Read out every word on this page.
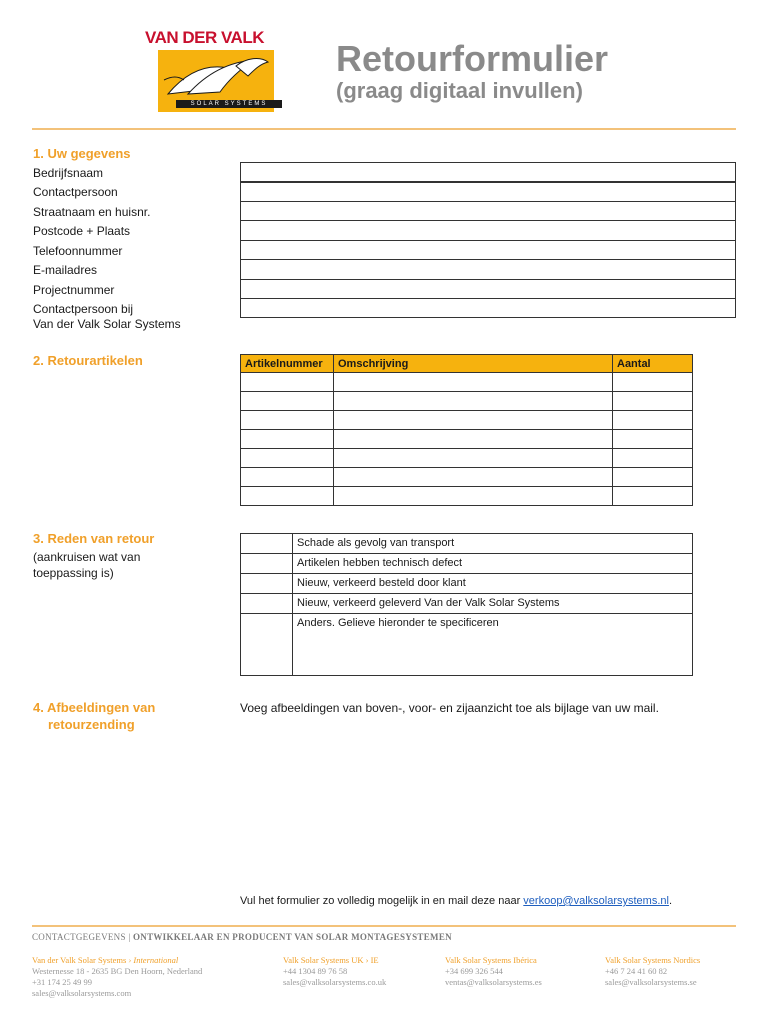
VAN DER VALK
SOLAR SYSTEMS
Retourformulier
(graag digitaal invullen)
1. Uw gegevens
Bedrijfsnaam
Contactpersoon
Straatnaam en huisnr.
Postcode + Plaats
Telefoonnummer
E-mailadres
Projectnummer
Contactpersoon bij
Van der Valk Solar Systems
2. Retourartikelen	Artikelnummer	Omschrijving	Aantal

3. Reden van retour
(aankruisen wat van
toeppassing is)
	Schade als gevolg van transport
	Artikelen hebben technisch defect
	Nieuw, verkeerd besteld door klant
	Nieuw, verkeerd geleverd Van der Valk Solar Systems
	Anders. Gelieve hieronder te specificeren
4. Afbeeldingen van
retourzending
Voeg afbeeldingen van boven-, voor- en zijaanzicht toe als bijlage van uw mail.
Vul het formulier zo volledig mogelijk in en mail deze naar verkoop@valksolarsystems.nl.
CONTACTGEGEVENS | ONTWIKKELAAR EN PRODUCENT VAN SOLAR MONTAGESYSTEMEN
Van der Valk Solar Systems › International
Westernesse 18 - 2635 BG Den Hoorn, Nederland
+31 174 25 49 99
sales@valksolarsystems.com
Valk Solar Systems UK › IE
+44 1304 89 76 58
sales@valksolarsystems.co.uk
Valk Solar Systems Ibérica
+34 699 326 544
ventas@valksolarsystems.es
Valk Solar Systems Nordics
+46 7 24 41 60 82
sales@valksolarsystems.se
